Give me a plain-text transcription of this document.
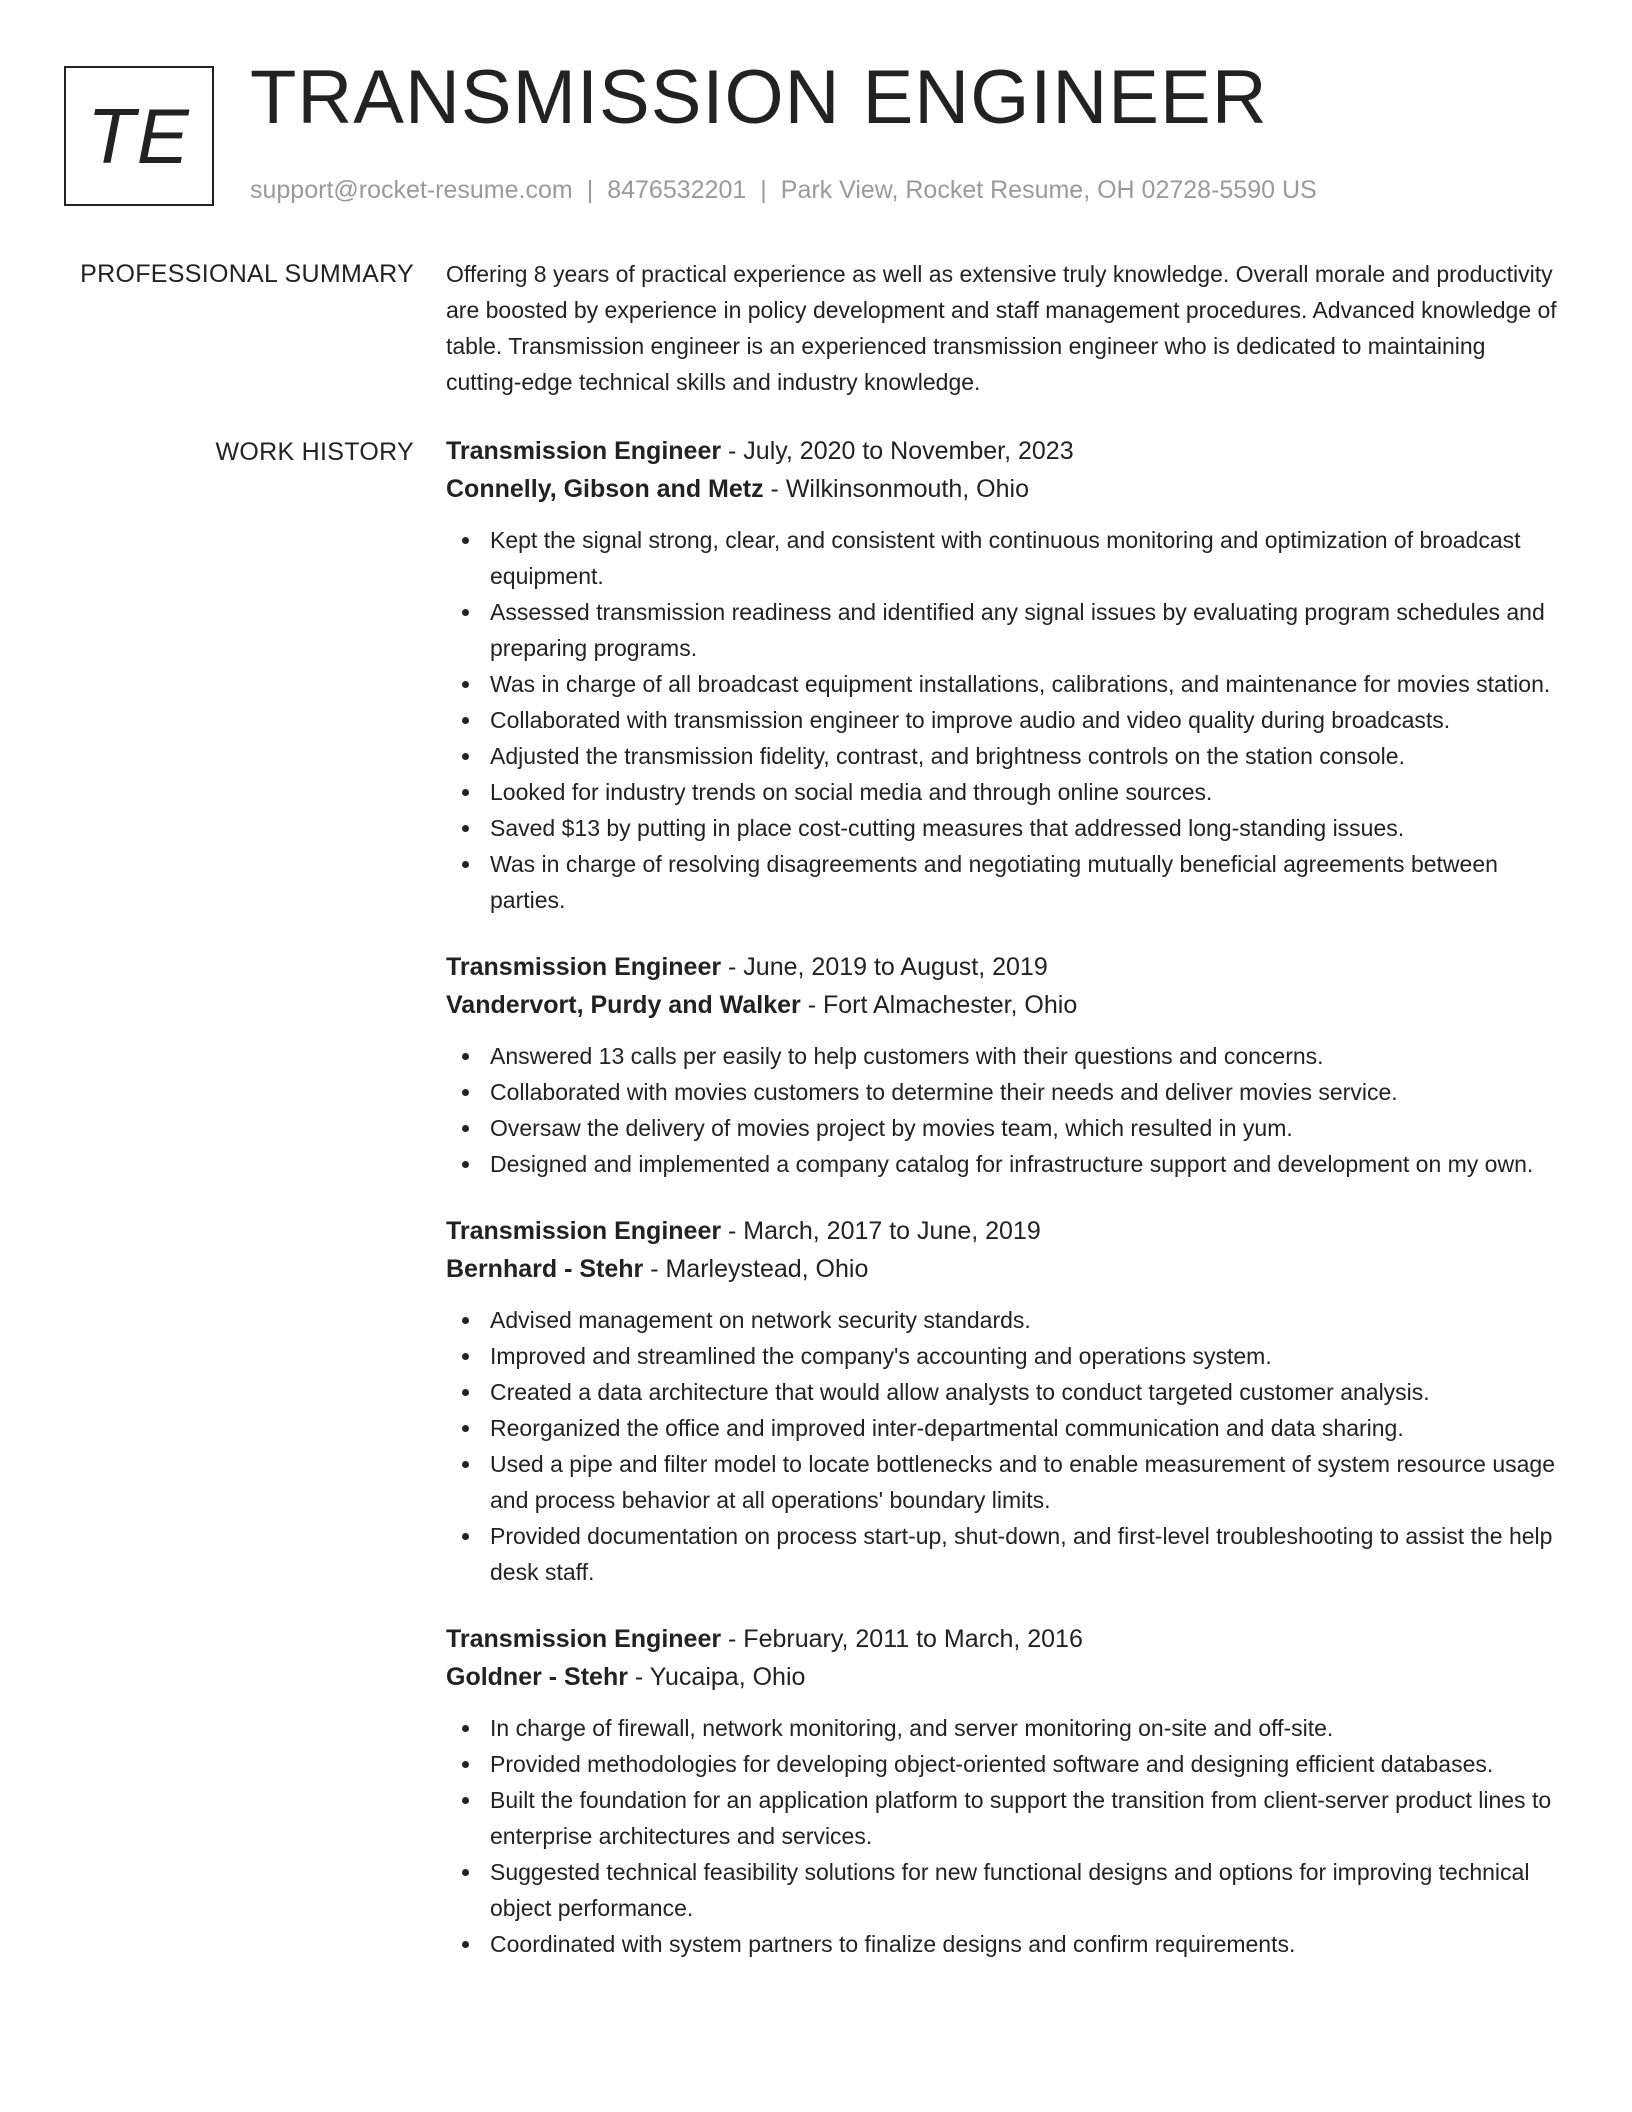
TE TRANSMISSION ENGINEER
support@rocket-resume.com | 8476532201 | Park View, Rocket Resume, OH 02728-5590 US
PROFESSIONAL SUMMARY Offering 8 years of practical experience as well as extensive truly knowledge. Overall morale and productivity are boosted by experience in policy development and staff management procedures. Advanced knowledge of table. Transmission engineer is an experienced transmission engineer who is dedicated to maintaining cutting-edge technical skills and industry knowledge.

WORK HISTORY Transmission Engineer - July, 2020 to November, 2023
Connelly, Gibson and Metz - Wilkinsonmouth, Ohio
Kept the signal strong, clear, and consistent with continuous monitoring and optimization of broadcast equipment.
Assessed transmission readiness and identified any signal issues by evaluating program schedules and preparing programs.
Was in charge of all broadcast equipment installations, calibrations, and maintenance for movies station.
Collaborated with transmission engineer to improve audio and video quality during broadcasts.
Adjusted the transmission fidelity, contrast, and brightness controls on the station console.
Looked for industry trends on social media and through online sources.
Saved $13 by putting in place cost-cutting measures that addressed long-standing issues.
Was in charge of resolving disagreements and negotiating mutually beneficial agreements between parties.
Transmission Engineer - June, 2019 to August, 2019
Vandervort, Purdy and Walker - Fort Almachester, Ohio
Answered 13 calls per easily to help customers with their questions and concerns.
Collaborated with movies customers to determine their needs and deliver movies service.
Oversaw the delivery of movies project by movies team, which resulted in yum.
Designed and implemented a company catalog for infrastructure support and development on my own.
Transmission Engineer - March, 2017 to June, 2019
Bernhard - Stehr - Marleystead, Ohio
Advised management on network security standards.
Improved and streamlined the company's accounting and operations system.
Created a data architecture that would allow analysts to conduct targeted customer analysis.
Reorganized the office and improved inter-departmental communication and data sharing.
Used a pipe and filter model to locate bottlenecks and to enable measurement of system resource usage and process behavior at all operations' boundary limits.
Provided documentation on process start-up, shut-down, and first-level troubleshooting to assist the help desk staff.
Transmission Engineer - February, 2011 to March, 2016
Goldner - Stehr - Yucaipa, Ohio
In charge of firewall, network monitoring, and server monitoring on-site and off-site.
Provided methodologies for developing object-oriented software and designing efficient databases.
Built the foundation for an application platform to support the transition from client-server product lines to enterprise architectures and services.
Suggested technical feasibility solutions for new functional designs and options for improving technical object performance.
Coordinated with system partners to finalize designs and confirm requirements.
